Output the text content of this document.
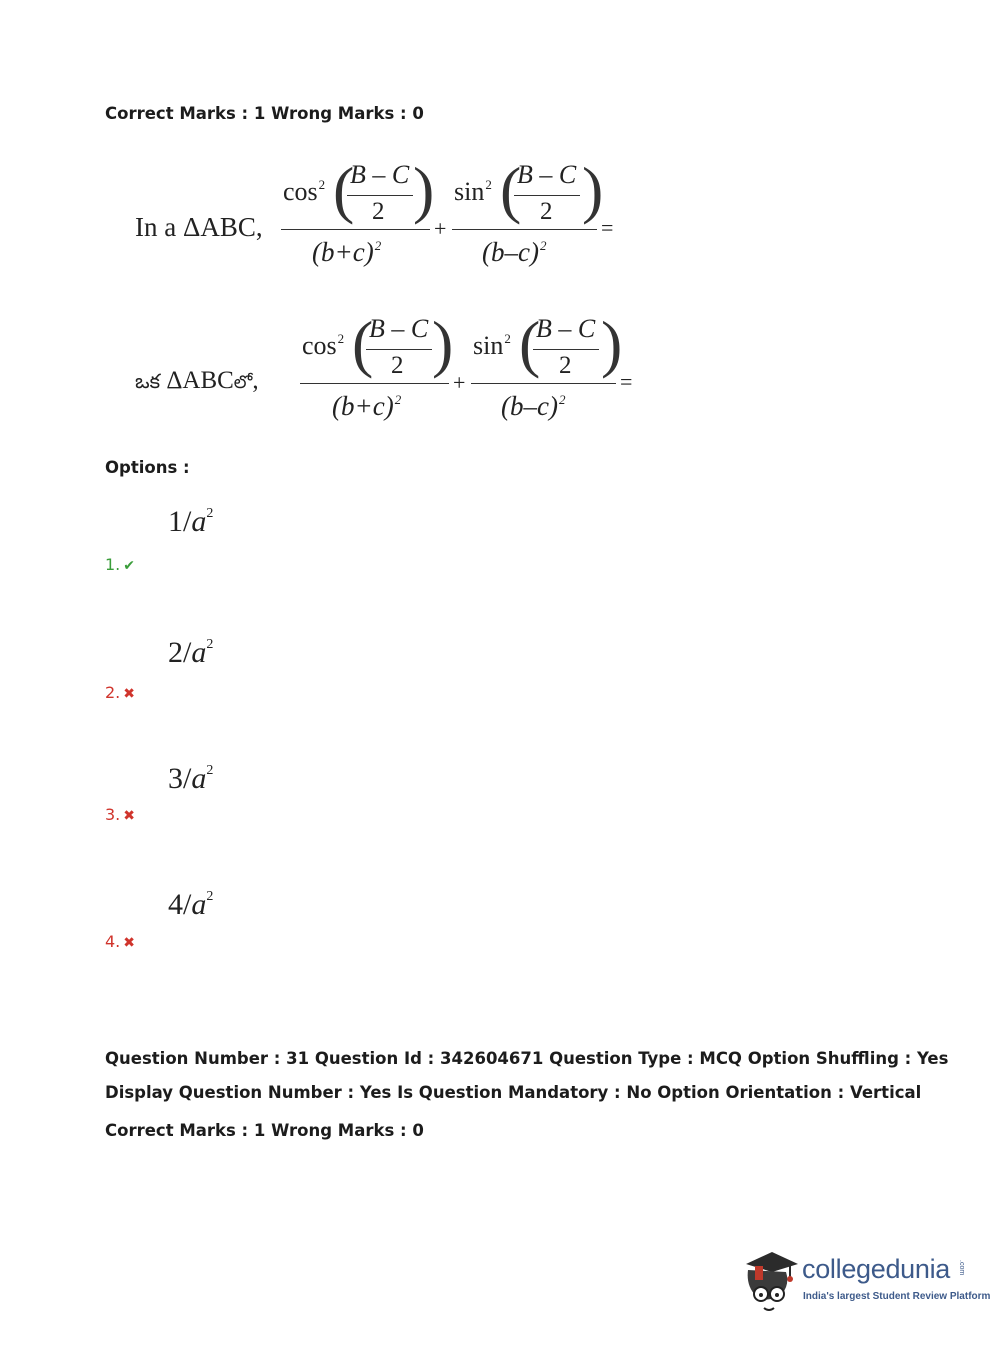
Correct Marks : 1 Wrong Marks : 0
In a ΔABC,
$\cos^2$ (
B – C
2 )
$(b+c)^2$
+
$\sin^2$ (
B – C
2 )
$(b-c)^2$
=
ఒక ΔABCలో,
$\cos^2$ (
B – C
2 )
$(b+c)^2$
+
$\sin^2$ (
B – C
2 )
$(b-c)^2$
=
Options :
$1/a^2$
1. ✔
$2/a^2$
2. ✖
$3/a^2$
3. ✖
$4/a^2$
4. ✖
Question Number : 31 Question Id : 342604671 Question Type : MCQ Option Shuffling : Yes
Display Question Number : Yes Is Question Mandatory : No Option Orientation : Vertical
Correct Marks : 1 Wrong Marks : 0
collegedunia .com
India's largest Student Review Platform
